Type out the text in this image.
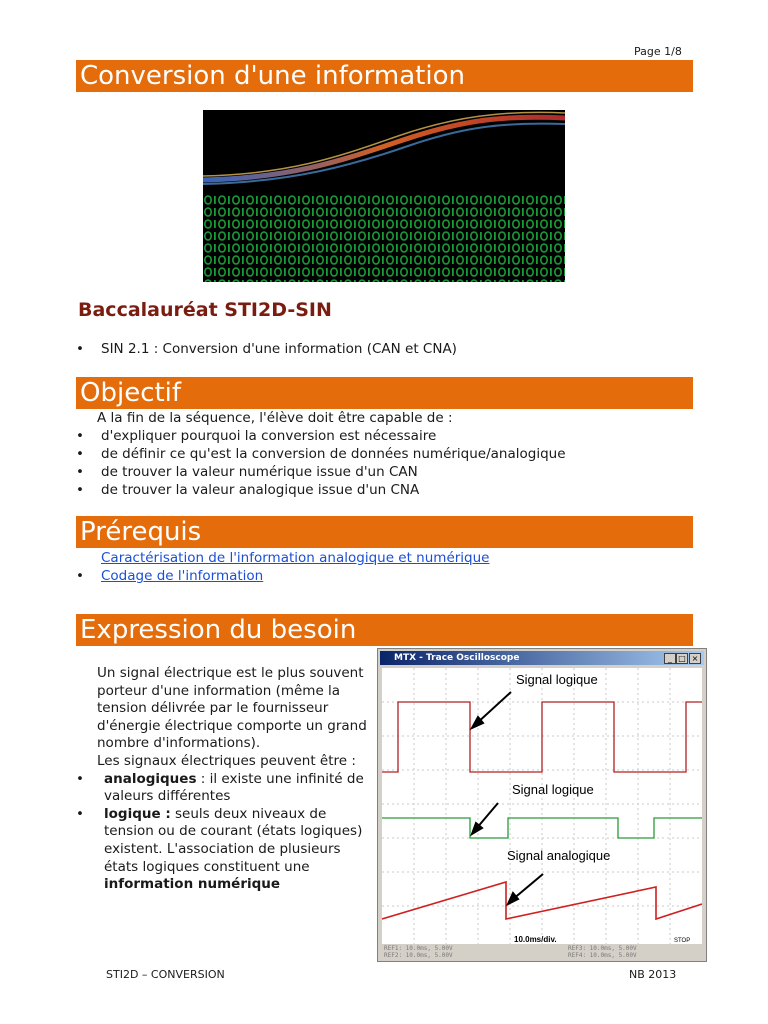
Page 1/8
Conversion d'une information
Baccalauréat STI2D-SIN
• SIN 2.1 : Conversion d'une information (CAN et CNA)
Objectif
A la fin de la séquence, l'élève doit être capable de :
• d'expliquer pourquoi la conversion est nécessaire
• de définir ce qu'est la conversion de données numérique/analogique
• de trouver la valeur numérique issue d'un CAN
• de trouver la valeur analogique issue d'un CNA
Prérequis
Caractérisation de l'information analogique et numérique
• Codage de l'information
Expression du besoin

Un signal électrique est le plus souvent porteur d'une information (même la tension délivrée par le fournisseur d'énergie électrique comporte un grand nombre d'informations).

Les signaux électriques peuvent être :

• analogiques : il existe une infinité de valeurs différentes
• logique : seuls deux niveaux de tension ou de courant (états logiques) existent. L'association de plusieurs états logiques constituent une information numérique
MTX - Trace Oscilloscope	_ □ ×
Signal logique
Signal logique
Signal analogique
10.0ms/div.	STOP
REF1: 10.0ms, 5.00V
REF2: 10.0ms, 5.00V
REF3: 10.0ms, 5.00V
REF4: 10.0ms, 5.00V
STI2D – CONVERSION	NB 2013
